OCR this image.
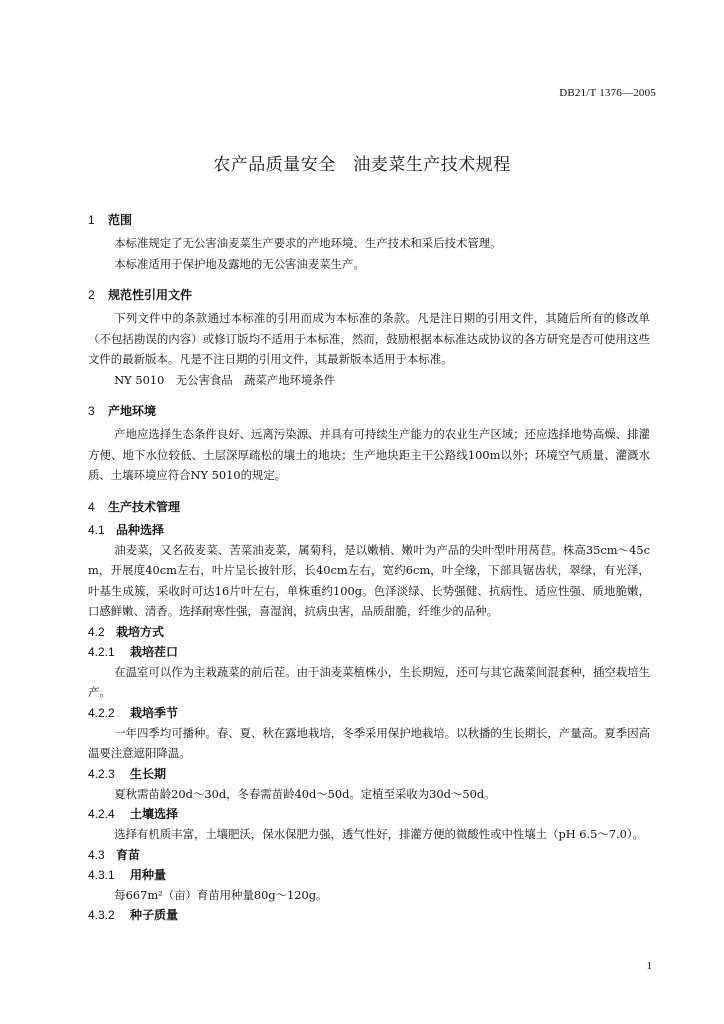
DB21/T 1376—2005
农产品质量安全　油麦菜生产技术规程
1 范围
本标准规定了无公害油麦菜生产要求的产地环境、生产技术和采后技术管理。
本标准适用于保护地及露地的无公害油麦菜生产。
2 规范性引用文件
下列文件中的条款通过本标准的引用而成为本标准的条款。凡是注日期的引用文件，其随后所有的修改单（不包括勘误的内容）或修订版均不适用于本标准，然而，鼓励根据本标准达成协议的各方研究是否可使用这些文件的最新版本。凡是不注日期的引用文件，其最新版本适用于本标准。
NY 5010　无公害食品　蔬菜产地环境条件
3 产地环境
产地应选择生态条件良好、远离污染源、并具有可持续生产能力的农业生产区域；还应选择地势高燥、排灌方便、地下水位较低、土层深厚疏松的壤土的地块；生产地块距主干公路线100m以外；环境空气质量、灌溉水质、土壤环境应符合NY 5010的规定。
4 生产技术管理
4.1 品种选择
油麦菜，又名莜麦菜、苦菜油麦菜，属菊科，是以嫩梢、嫩叶为产品的尖叶型叶用莴苣。株高35cm～45cm，开展度40cm左右，叶片呈长披针形，长40cm左右，宽约6cm，叶全缘，下部具锯齿状，翠绿，有光泽，叶基生成簇，采收时可达16片叶左右，单株重约100g。色泽淡绿、长势强健、抗病性、适应性强、质地脆嫩，口感鲜嫩、清香。选择耐寒性强，喜湿润，抗病虫害，品质甜脆，纤维少的品种。
4.2 栽培方式
4.2.1 栽培茬口
在温室可以作为主栽蔬菜的前后茬。由于油麦菜植株小，生长期短，还可与其它蔬菜间混套种，插空栽培生产。
4.2.2 栽培季节
一年四季均可播种。春、夏、秋在露地栽培，冬季采用保护地栽培。以秋播的生长期长，产量高。夏季因高温要注意遮阳降温。
4.2.3 生长期
夏秋需苗龄20d～30d，冬春需苗龄40d～50d。定植至采收为30d～50d。
4.2.4 土壤选择
选择有机质丰富，土壤肥沃，保水保肥力强，透气性好，排灌方便的微酸性或中性壤土（pH 6.5～7.0）。
4.3 育苗
4.3.1 用种量
每667m²（亩）育苗用种量80g～120g。
4.3.2 种子质量
1
